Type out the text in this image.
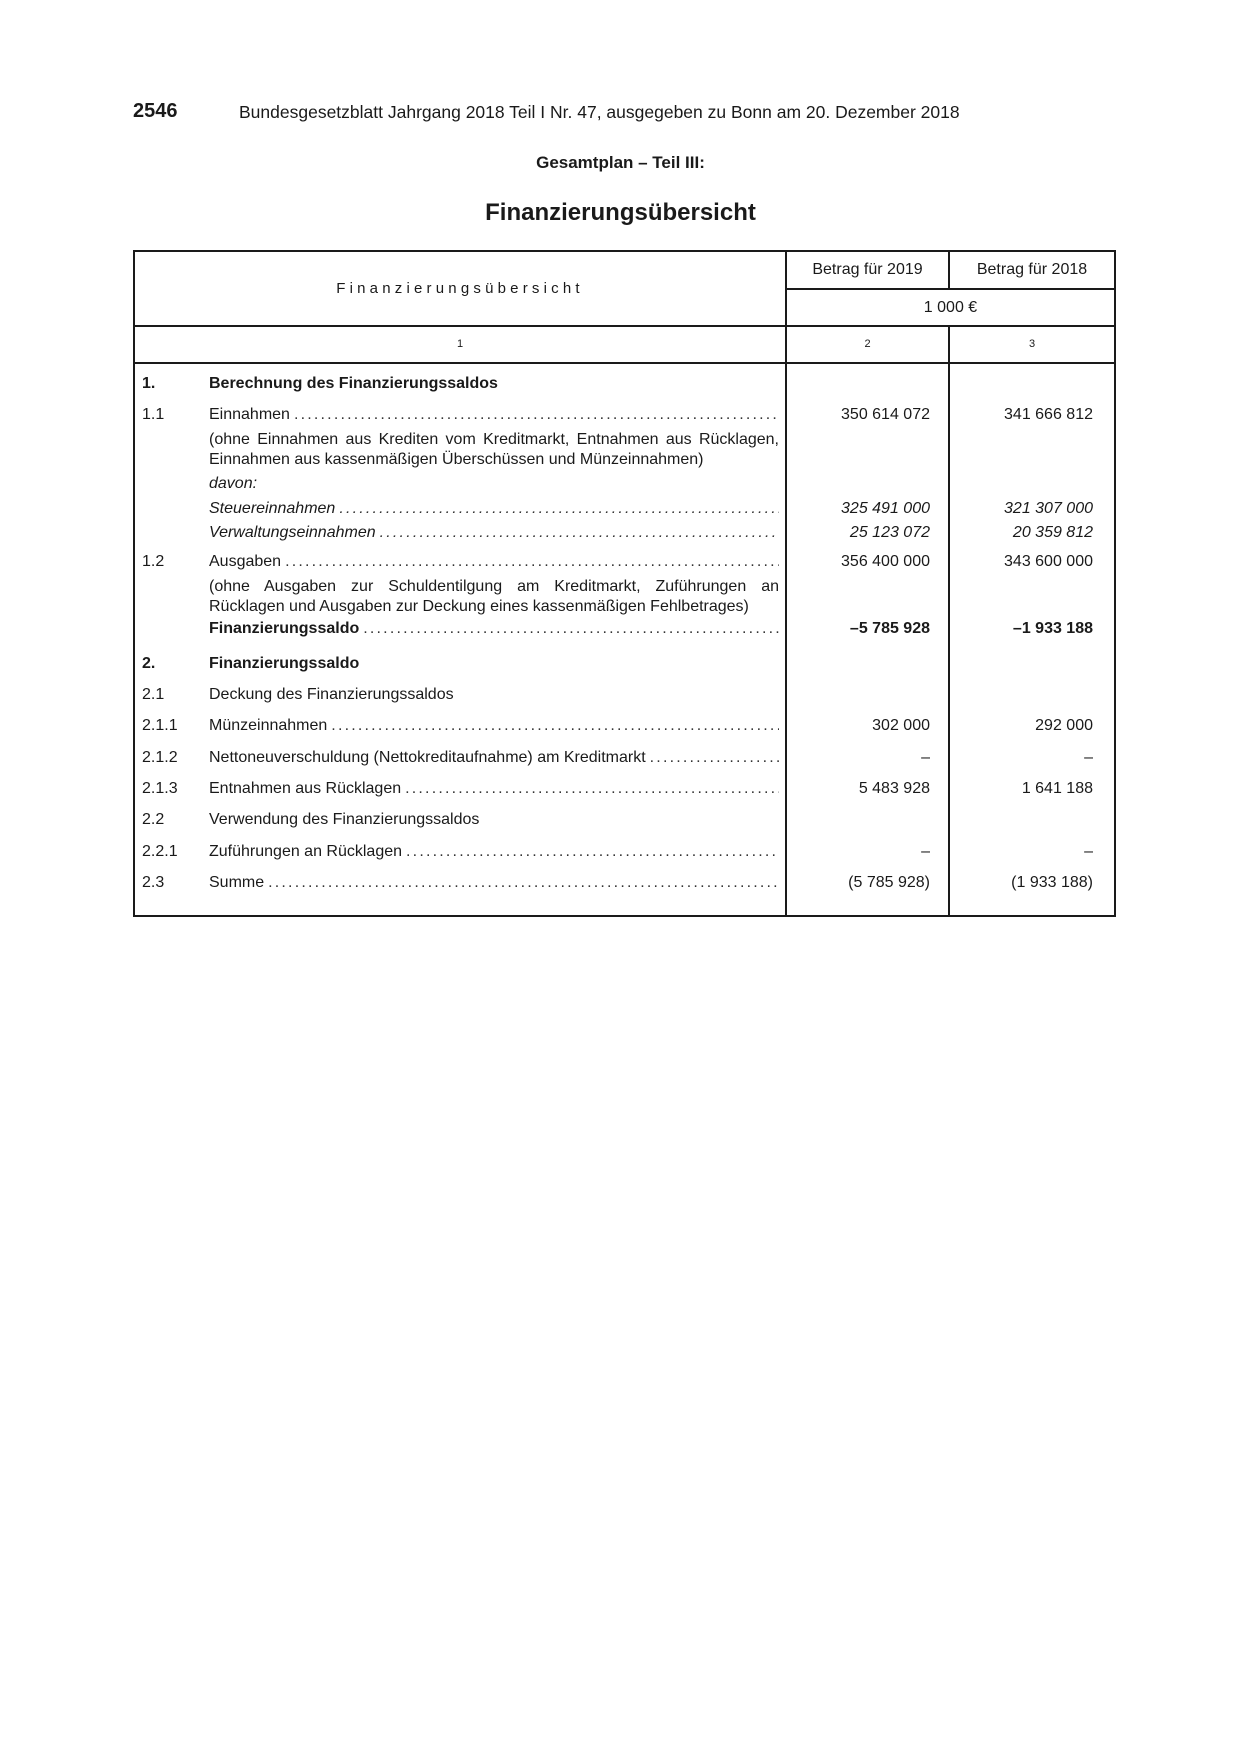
2546	Bundesgesetzblatt Jahrgang 2018 Teil I Nr. 47, ausgegeben zu Bonn am 20. Dezember 2018
Gesamtplan – Teil III:
Finanzierungsübersicht
Finanzierungsübersicht
Betrag für 2019	Betrag für 2018
1 000 €
1	2	3
1.	Berechnung des Finanzierungssaldos
1.1	Einnahmen .....	350 614 072	341 666 812
(ohne Einnahmen aus Krediten vom Kreditmarkt, Entnahmen aus Rücklagen, Einnahmen aus kassenmäßigen Überschüssen und Münzeinnahmen)
davon:
Steuereinnahmen .....	325 491 000	321 307 000
Verwaltungseinnahmen .....	25 123 072	20 359 812
1.2	Ausgaben .....	356 400 000	343 600 000
(ohne Ausgaben zur Schuldentilgung am Kreditmarkt, Zuführungen an Rücklagen und Ausgaben zur Deckung eines kassenmäßigen Fehlbetrages)
Finanzierungssaldo .....	–5 785 928	–1 933 188
2.	Finanzierungssaldo
2.1	Deckung des Finanzierungssaldos
2.1.1 Münzeinnahmen .....	302 000	292 000
2.1.2 Nettoneuverschuldung (Nettokreditaufnahme) am Kreditmarkt .....	–	–
2.1.3 Entnahmen aus Rücklagen .....	5 483 928	1 641 188
2.2	Verwendung des Finanzierungssaldos
2.2.1 Zuführungen an Rücklagen .....	–	–
2.3	Summe .....	(5 785 928)	(1 933 188)
